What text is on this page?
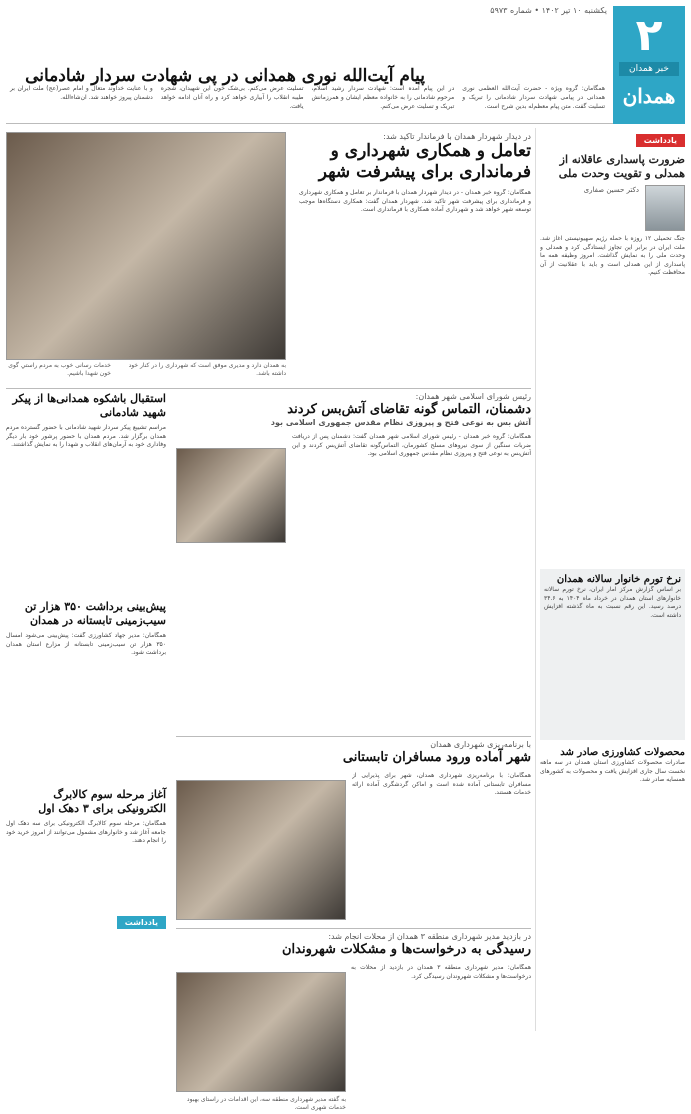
۲
خبر همدان
همدان
یکشنبه ۱۰ تیر ۱۴۰۲ • شماره ۵۹۷۳
پیام آیت‌الله نوری همدانی در پی شهادت سردار شادمانی

همگامان: گروه ویژه - حضرت آیت‌الله العظمی نوری همدانی در پیامی شهادت سردار شادمانی را تبریک و تسلیت گفت. متن پیام معظم‌له بدین شرح است.

در این پیام آمده است: شهادت سردار رشید اسلام، مرحوم شادمانی را به خانواده معظم ایشان و همرزمانش تبریک و تسلیت عرض می‌کنم.

تسلیت عرض می‌کنم. بی‌شک خون این شهیدان، شجره طیبه انقلاب را آبیاری خواهد کرد و راه آنان ادامه خواهد یافت.

و با عنایت خداوند متعال و امام عصر(عج) ملت ایران بر دشمنان پیروز خواهند شد. ان‌شاءالله.

یادداشت
ضرورت پاسداری عاقلانه از همدلی و تقویت وحدت ملی
دکتر حسین صفاری

جنگ تحمیلی ۱۲ روزه با حمله رژیم صهیونیستی آغاز شد. ملت ایران در برابر این تجاوز ایستادگی کرد و همدلی و وحدت ملی را به نمایش گذاشت. امروز وظیفه همه ما پاسداری از این همدلی است و باید با عقلانیت از آن محافظت کنیم.

نرخ تورم خانوار سالانه همدان

بر اساس گزارش مرکز آمار ایران، نرخ تورم سالانه خانوارهای استان همدان در خرداد ماه ۱۴۰۴ به ۳۴.۶ درصد رسید. این رقم نسبت به ماه گذشته افزایش داشته است.

محصولات کشاورزی صادر شد

صادرات محصولات کشاورزی استان همدان در سه ماهه نخست سال جاری افزایش یافت و محصولات به کشورهای همسایه صادر شد.

در دیدار شهردار همدان با فرماندار تاکید شد:
تعامل و همکاری شهرداری و فرمانداری برای پیشرفت شهر

همگامان: گروه خبر همدان - در دیدار شهردار همدان با فرماندار بر تعامل و همکاری شهرداری و فرمانداری برای پیشرفت شهر تاکید شد. شهردار همدان گفت: همکاری دستگاه‌ها موجب توسعه شهر خواهد شد و شهرداری آماده همکاری با فرمانداری است.

به همدان دارد و مدیری موفق است که شهرداری را در کنار خود داشته باشد.
خدمات رسانی خوب به مردم راستیِ گوی خون شهدا باشیم.
رئیس شورای اسلامی شهر همدان:
دشمنان، التماس گونه تقاضای آتش‌بس کردند
آتش بس به نوعی فتح و پیروزی نظام مقدس جمهوری اسلامی بود

همگامان: گروه خبر همدان - رئیس شورای اسلامی شهر همدان گفت: دشمنان پس از دریافت ضربات سنگین از سوی نیروهای مسلح کشورمان، التماس‌گونه تقاضای آتش‌بس کردند و این آتش‌بس به نوعی فتح و پیروزی نظام مقدس جمهوری اسلامی بود.

استقبال باشکوه همدانی‌ها از پیکر شهید شادمانی

مراسم تشییع پیکر سردار شهید شادمانی با حضور گسترده مردم همدان برگزار شد. مردم همدان با حضور پرشور خود بار دیگر وفاداری خود به آرمان‌های انقلاب و شهدا را به نمایش گذاشتند.

پیش‌بینی برداشت ۳۵۰ هزار تن سیب‌زمینی تابستانه در همدان

همگامان: مدیر جهاد کشاورزی گفت: پیش‌بینی می‌شود امسال ۳۵۰ هزار تن سیب‌زمینی تابستانه از مزارع استان همدان برداشت شود.

آغاز مرحله سوم کالابرگ الکترونیکی برای ۳ دهک اول

همگامان: مرحله سوم کالابرگ الکترونیکی برای سه دهک اول جامعه آغاز شد و خانوارهای مشمول می‌توانند از امروز خرید خود را انجام دهند.

یادداشت
با برنامه‌ریزی شهرداری همدان
شهر آماده ورود مسافران تابستانی

همگامان: با برنامه‌ریزی شهرداری همدان، شهر برای پذیرایی از مسافران تابستانی آماده شده است و اماکن گردشگری آماده ارائه خدمات هستند.

در بازدید مدیر شهرداری منطقه ۳ همدان از محلات انجام شد:
رسیدگی به درخواست‌ها و مشکلات شهروندان

همگامان: مدیر شهرداری منطقه ۳ همدان در بازدید از محلات به درخواست‌ها و مشکلات شهروندان رسیدگی کرد.

به گفته مدیر شهرداری منطقه سه، این اقدامات در راستای بهبود خدمات شهری است.
